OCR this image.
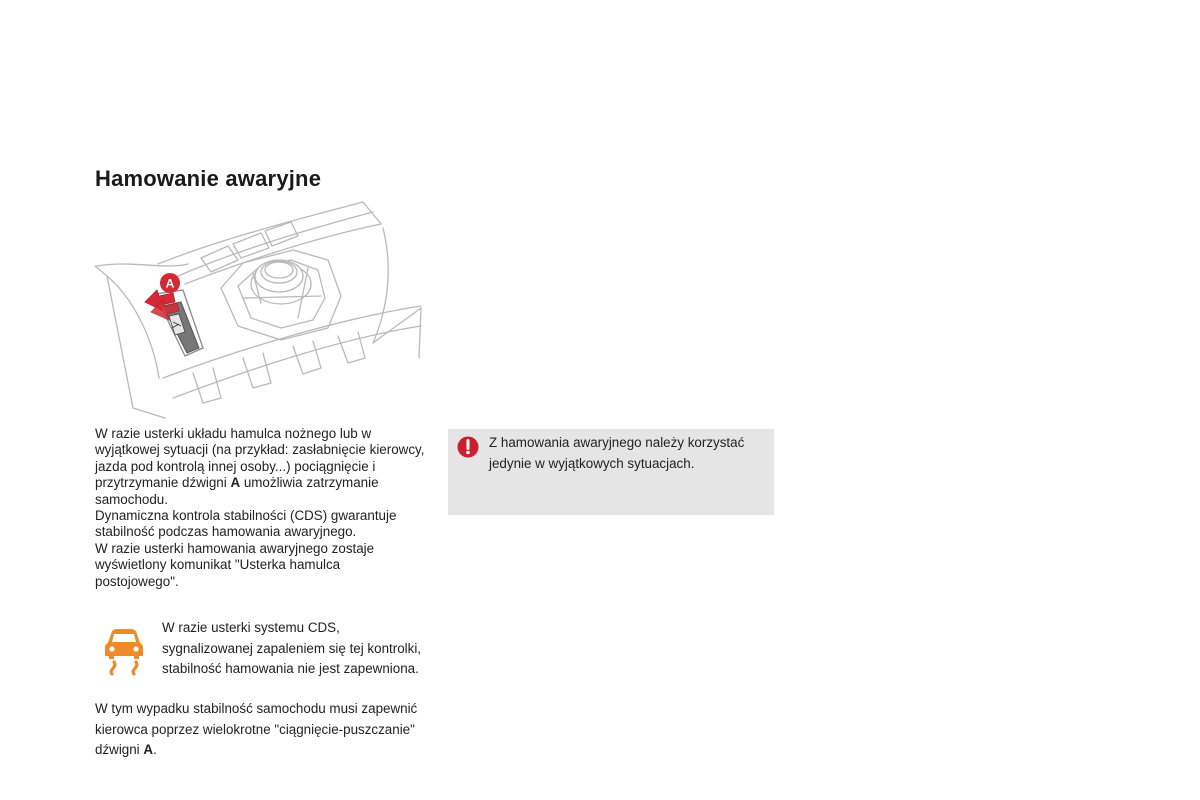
Hamowanie awaryjne
A

W razie usterki układu hamulca nożnego lub w wyjątkowej sytuacji (na przykład: zasłabnięcie kierowcy, jazda pod kontrolą innej osoby...) pociągnięcie i przytrzymanie dźwigni A umożliwia zatrzymanie samochodu.

Dynamiczna kontrola stabilności (CDS) gwarantuje stabilność podczas hamowania awaryjnego.

W razie usterki hamowania awaryjnego zostaje wyświetlony komunikat "Usterka hamulca postojowego".

W razie usterki systemu CDS, sygnalizowanej zapaleniem się tej kontrolki, stabilność hamowania nie jest zapewniona.
W tym wypadku stabilność samochodu musi zapewnić kierowca poprzez wielokrotne "ciągnięcie-puszczanie" dźwigni A.
Z hamowania awaryjnego należy korzystać jedynie w wyjątkowych sytuacjach.
